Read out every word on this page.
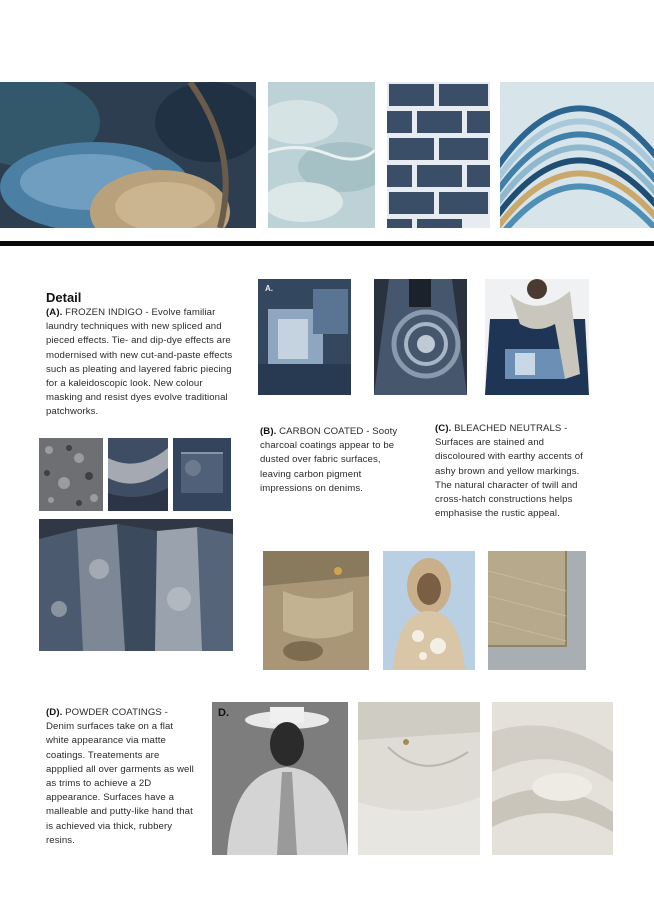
Detail
(A). FROZEN INDIGO - Evolve familiar laundry techniques with new spliced and pieced effects. Tie- and dip-dye effects are modernised with new cut-and-paste effects such as pleating and layered fabric piecing for a kaleidoscopic look. New colour masking and resist dyes evolve traditional patchworks.
A.
(B). CARBON COATED - Sooty charcoal coatings appear to be dusted over fabric surfaces, leaving carbon pigment impressions on denims.
(C). BLEACHED NEUTRALS - Surfaces are stained and discoloured with earthy accents of ashy brown and yellow markings. The natural character of twill and cross-hatch constructions helps emphasise the rustic appeal.
(D). POWDER COATINGS - Denim surfaces take on a flat white appearance via matte coatings. Treatements are appplied all over garments as well as trims to achieve a 2D appearance. Surfaces have a malleable and putty-like hand that is achieved via thick, rubbery resins.
D.
